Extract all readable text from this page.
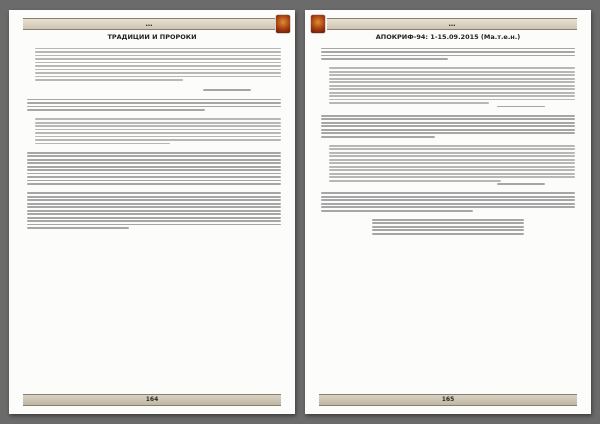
…
ТРАДИЦИИ И ПРОРОКИ
164
…
АПОКРИФ-94: 1-15.09.2015 (Ма.т.е.н.)
165
